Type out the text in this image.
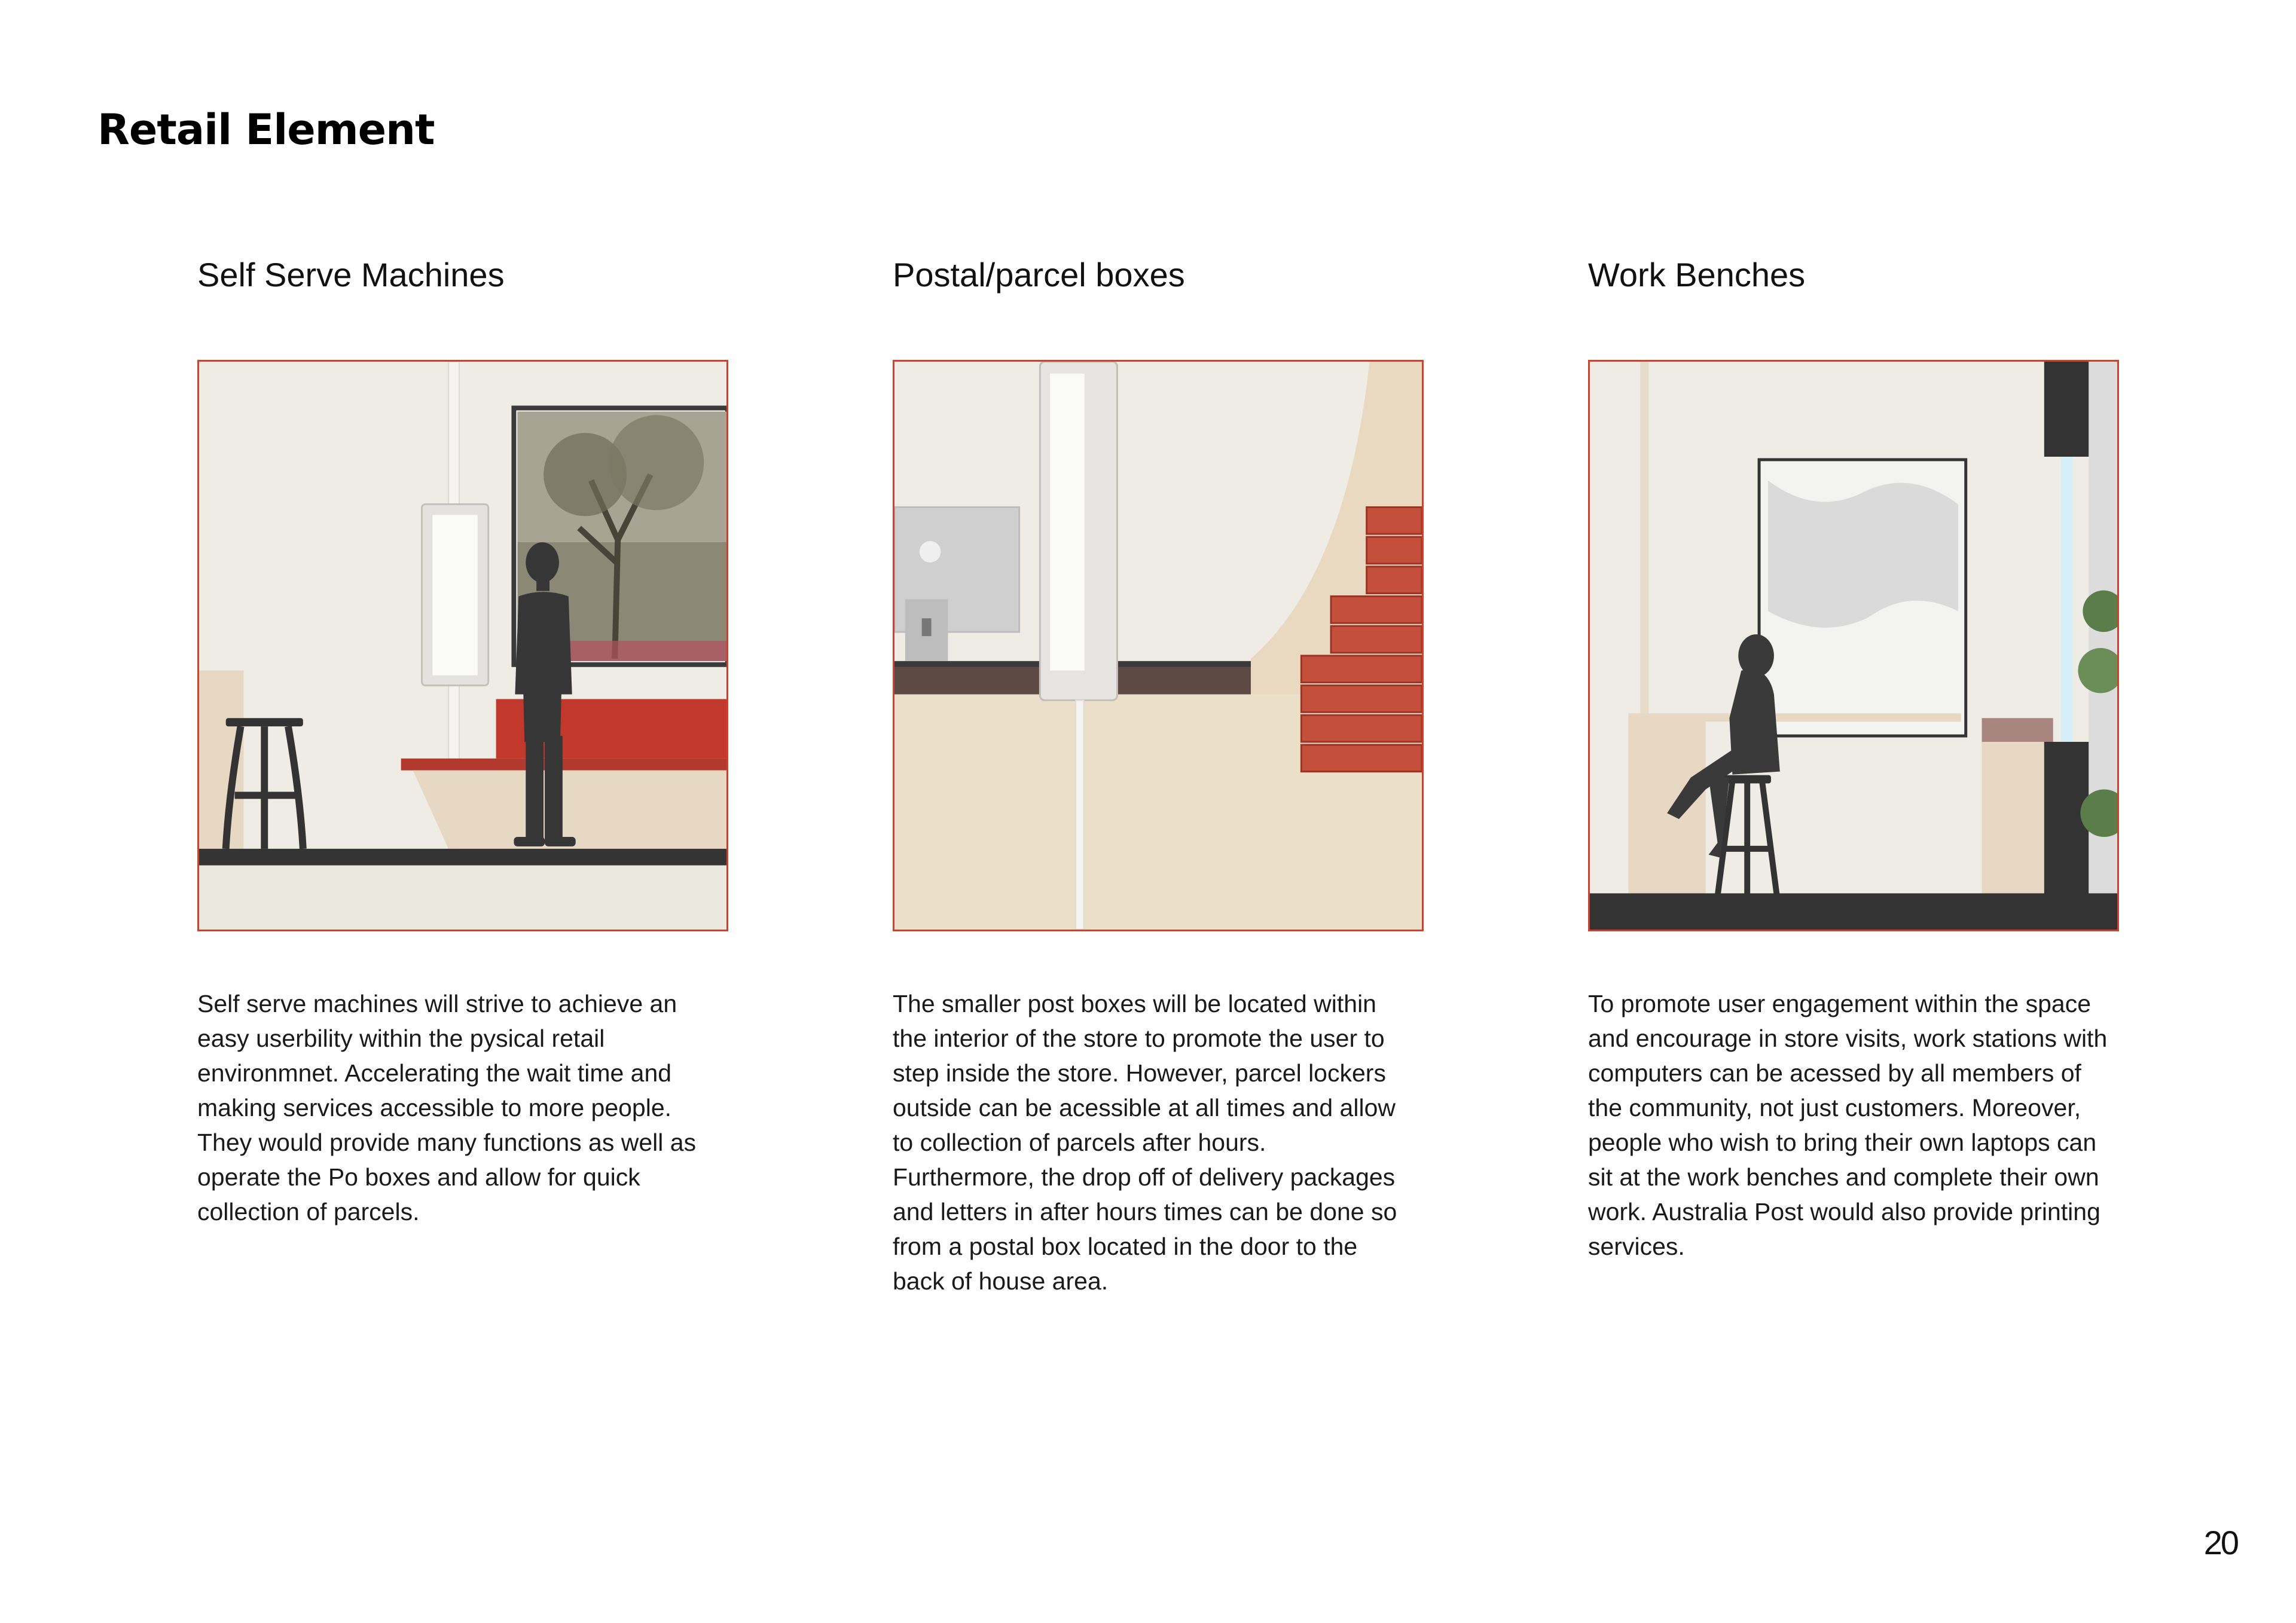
Retail Element
Self Serve Machines

Self serve machines will strive to achieve an easy userbility within the pysical retail environmnet. Accelerating the wait time and making services accessible to more people. They would provide many functions as well as operate the Po boxes and allow for quick collection of parcels.

Postal/parcel boxes

The smaller post boxes will be located within the interior of the store to promote the user to step inside the store. However, parcel lockers outside can be acessible at all times and allow to collection of parcels after hours. Furthermore, the drop off of delivery packages and letters in after hours times can be done so from a postal box located in the door to the back of house area.

Work Benches

To promote user engagement within the space and encourage in store visits, work stations with computers can be acessed by all members of the community, not just customers. Moreover, people who wish to bring their own laptops can sit at the work benches and complete their own work. Australia Post would also provide printing services.

20
